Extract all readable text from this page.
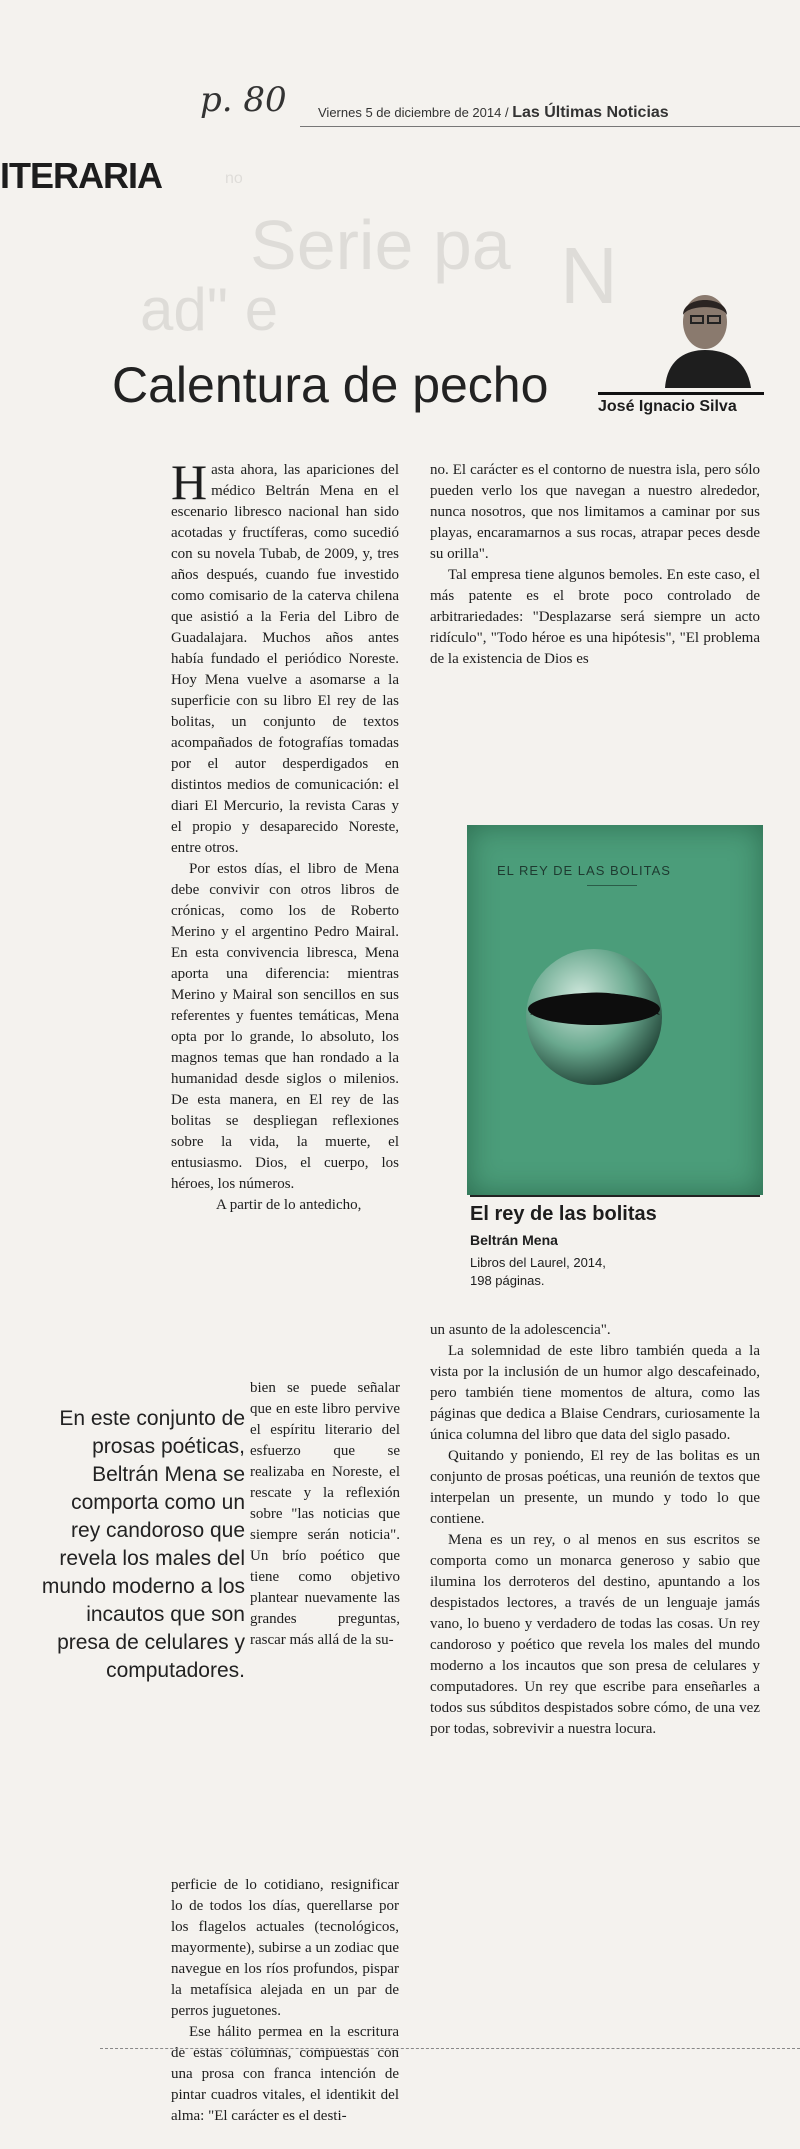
p. 80 Viernes 5 de diciembre de 2014 / Las Últimas Noticias
ITERARIA	no
Serie pa N
ad" e
Calentura de pecho	José Ignacio Silva

Hasta ahora, las apariciones del médico Beltrán Mena en el escenario libresco nacional han sido acotadas y fructíferas, como sucedió con su novela Tubab, de 2009, y, tres años después, cuando fue investido como comisario de la caterva chilena que asistió a la Feria del Libro de Guadalajara. Muchos años antes había fundado el periódico Noreste. Hoy Mena vuelve a asomarse a la superficie con su libro El rey de las bolitas, un conjunto de textos acompañados de fotografías tomadas por el autor desperdigados en distintos medios de comunicación: el diari El Mercurio, la revista Caras y el propio y desaparecido Noreste, entre otros.

Por estos días, el libro de Mena debe convivir con otros libros de crónicas, como los de Roberto Merino y el argentino Pedro Mairal. En esta convivencia libresca, Mena aporta una diferencia: mientras Merino y Mairal son sencillos en sus referentes y fuentes temáticas, Mena opta por lo grande, lo absoluto, los magnos temas que han rondado a la humanidad desde siglos o milenios. De esta manera, en El rey de las bolitas se despliegan reflexiones sobre la vida, la muerte, el entusiasmo. Dios, el cuerpo, los héroes, los números.

A partir de lo antedicho,

En este conjunto de prosas poéticas, Beltrán Mena se comporta como un rey candoroso que revela los males del mundo moderno a los incautos que son presa de celulares y computadores.

bien se puede señalar que en este libro pervive el espíritu literario del esfuerzo que se realizaba en Noreste, el rescate y la reflexión sobre "las noticias que siempre serán noticia". Un brío poético que tiene como objetivo plantear nuevamente las grandes preguntas, rascar más allá de la su-

perficie de lo cotidiano, resignificar lo de todos los días, querellarse por los flagelos actuales (tecnológicos, mayormente), subirse a un zodiac que navegue en los ríos profundos, pispar la metafísica alejada en un par de perros juguetones.

Ese hálito permea en la escritura de estas columnas, compuestas con una prosa con franca intención de pintar cuadros vitales, el identikit del alma: "El carácter es el desti-

no. El carácter es el contorno de nuestra isla, pero sólo pueden verlo los que navegan a nuestro alrededor, nunca nosotros, que nos limitamos a caminar por sus playas, encaramarnos a sus rocas, atrapar peces desde su orilla".

Tal empresa tiene algunos bemoles. En este caso, el más patente es el brote poco controlado de arbitrariedades: "Desplazarse será siempre un acto ridículo", "Todo héroe es una hipótesis", "El problema de la existencia de Dios es

EL REY DE LAS BOLITAS
El rey de las bolitas
Beltrán Mena
Libros del Laurel, 2014,
198 páginas.

un asunto de la adolescencia".

La solemnidad de este libro también queda a la vista por la inclusión de un humor algo descafeinado, pero también tiene momentos de altura, como las páginas que dedica a Blaise Cendrars, curiosamente la única columna del libro que data del siglo pasado.

Quitando y poniendo, El rey de las bolitas es un conjunto de prosas poéticas, una reunión de textos que interpelan un presente, un mundo y todo lo que contiene.

Mena es un rey, o al menos en sus escritos se comporta como un monarca generoso y sabio que ilumina los derroteros del destino, apuntando a los despistados lectores, a través de un lenguaje jamás vano, lo bueno y verdadero de todas las cosas. Un rey candoroso y poético que revela los males del mundo moderno a los incautos que son presa de celulares y computadores. Un rey que escribe para enseñarles a todos sus súbditos despistados sobre cómo, de una vez por todas, sobrevivir a nuestra locura.
